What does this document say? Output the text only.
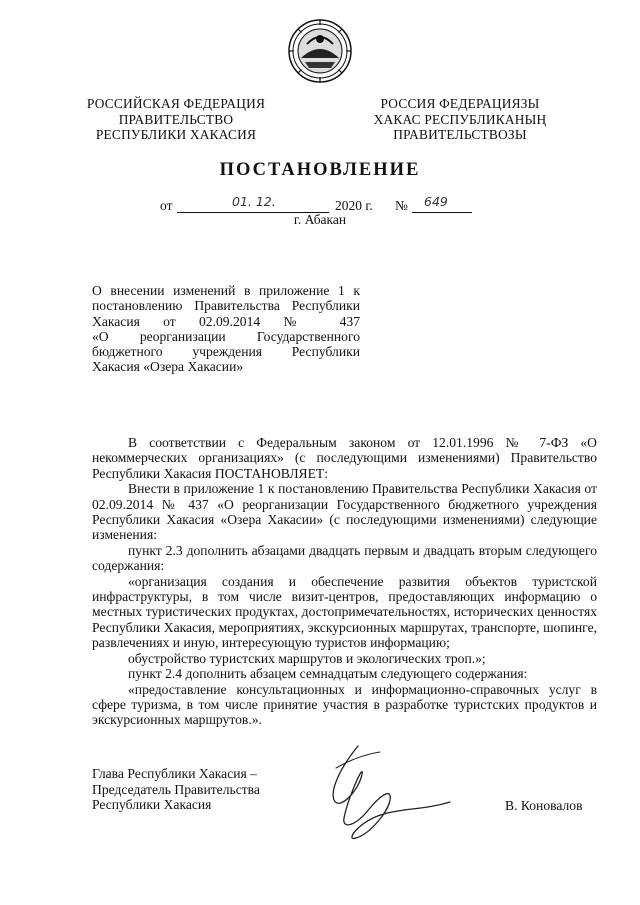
РОССИЙСКАЯ ФЕДЕРАЦИЯ
ПРАВИТЕЛЬСТВО
РЕСПУБЛИКИ ХАКАСИЯ
РОССИЯ ФЕДЕРАЦИЯЗЫ
ХАКАС РЕСПУБЛИКАНЫҢ
ПРАВИТЕЛЬСТВОЗЫ
ПОСТАНОВЛЕНИЕ
от	01. 12.	2020 г. № 649
г. Абакан
О внесении изменений в приложение 1 к
постановлению Правительства Республики
Хакасия от 02.09.2014 № 437
«О реорганизации Государственного
бюджетного учреждения Республики
Хакасия «Озера Хакасии»

В соответствии с Федеральным законом от 12.01.1996 № 7-ФЗ «О некоммерческих организациях» (с последующими изменениями) Правительство Республики Хакасия ПОСТАНОВЛЯЕТ:

Внести в приложение 1 к постановлению Правительства Республики Хакасия от 02.09.2014 № 437 «О реорганизации Государственного бюджетного учреждения Республики Хакасия «Озера Хакасии» (с последующими изменениями) следующие изменения:

пункт 2.3 дополнить абзацами двадцать первым и двадцать вторым следующего содержания:

«организация создания и обеспечение развития объектов туристской инфраструктуры, в том числе визит-центров, предоставляющих информацию о местных туристических продуктах, достопримечательностях, исторических ценностях Республики Хакасия, мероприятиях, экскурсионных маршрутах, транспорте, шопинге, развлечениях и иную, интересующую туристов информацию;

обустройство туристских маршрутов и экологических троп.»;

пункт 2.4 дополнить абзацем семнадцатым следующего содержания:

«предоставление консультационных и информационно-справочных услуг в сфере туризма, в том числе принятие участия в разработке туристских продуктов и экскурсионных маршрутов.».

Глава Республики Хакасия –
Председатель Правительства
Республики Хакасия	В. Коновалов
